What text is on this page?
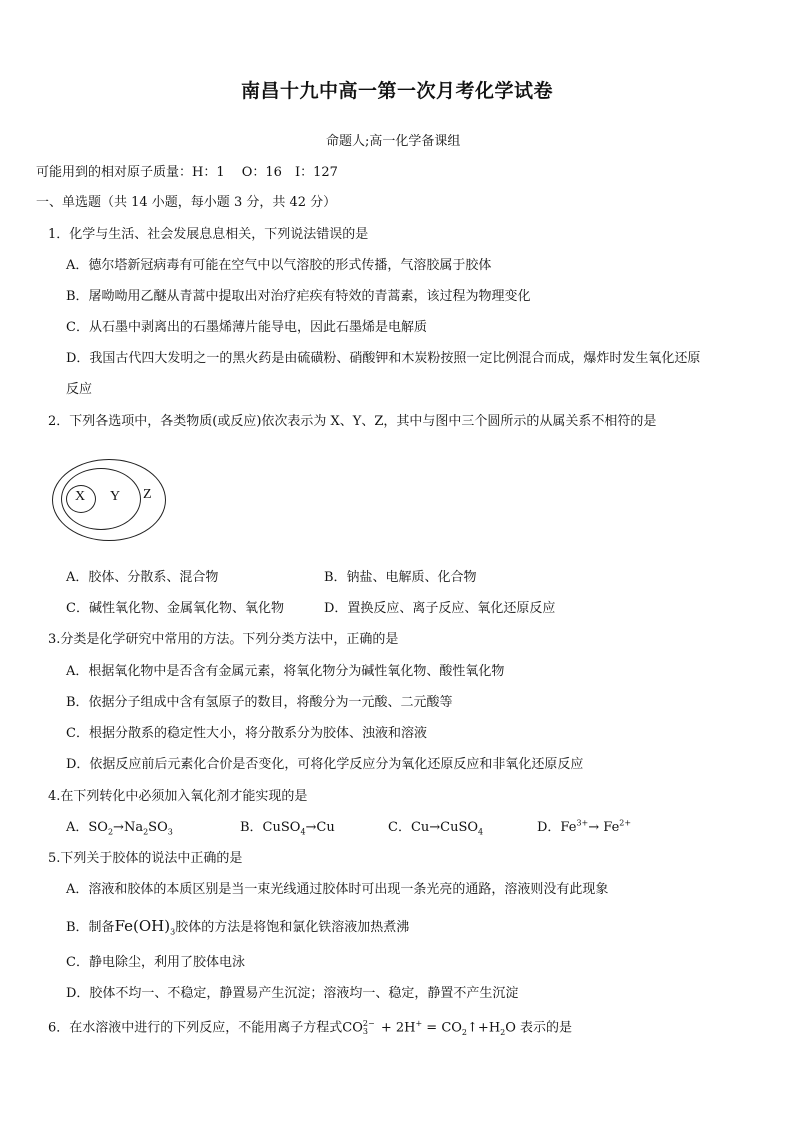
南昌十九中高一第一次月考化学试卷
命题人;高一化学备课组
可能用到的相对原子质量：H：1　 O：16　I：127
一、单选题（共 14 小题，每小题 3 分，共 42 分）
1．化学与生活、社会发展息息相关，下列说法错误的是
A．德尔塔新冠病毒有可能在空气中以气溶胶的形式传播，气溶胶属于胶体
B．屠呦呦用乙醚从青蒿中提取出对治疗疟疾有特效的青蒿素，该过程为物理变化
C．从石墨中剥离出的石墨烯薄片能导电，因此石墨烯是电解质
D．我国古代四大发明之一的黑火药是由硫磺粉、硝酸钾和木炭粉按照一定比例混合而成，爆炸时发生氧化还原
反应
2．下列各选项中，各类物质(或反应)依次表示为 X、Y、Z，其中与图中三个圆所示的从属关系不相符的是
X Y Z
A．胶体、分散系、混合物	B．钠盐、电解质、化合物
C．碱性氧化物、金属氧化物、氧化物	D．置换反应、离子反应、氧化还原反应
3.分类是化学研究中常用的方法。下列分类方法中，正确的是
A．根据氧化物中是否含有金属元素，将氧化物分为碱性氧化物、酸性氧化物
B．依据分子组成中含有氢原子的数目，将酸分为一元酸、二元酸等
C．根据分散系的稳定性大小，将分散系分为胶体、浊液和溶液
D．依据反应前后元素化合价是否变化，可将化学反应分为氧化还原反应和非氧化还原反应
4.在下列转化中必须加入氧化剂才能实现的是
A．$SO_2\to Na_2SO_3$	B．CuSO$_4$→Cu	C．Cu→CuSO$_4$	D．$Fe^{3+}\to Fe^{2+}$
5.下列关于胶体的说法中正确的是
A．溶液和胶体的本质区别是当一束光线通过胶体时可出现一条光亮的通路，溶液则没有此现象
B．制备$Fe(OH)_3$胶体的方法是将饱和氯化铁溶液加热煮沸
C．静电除尘，利用了胶体电泳
D．胶体不均一、不稳定，静置易产生沉淀；溶液均一、稳定，静置不产生沉淀
6．在水溶液中进行的下列反应，不能用离子方程式CO 2−
$3 + 2H^+ = CO_2↑+H_2O$ 表示的是
